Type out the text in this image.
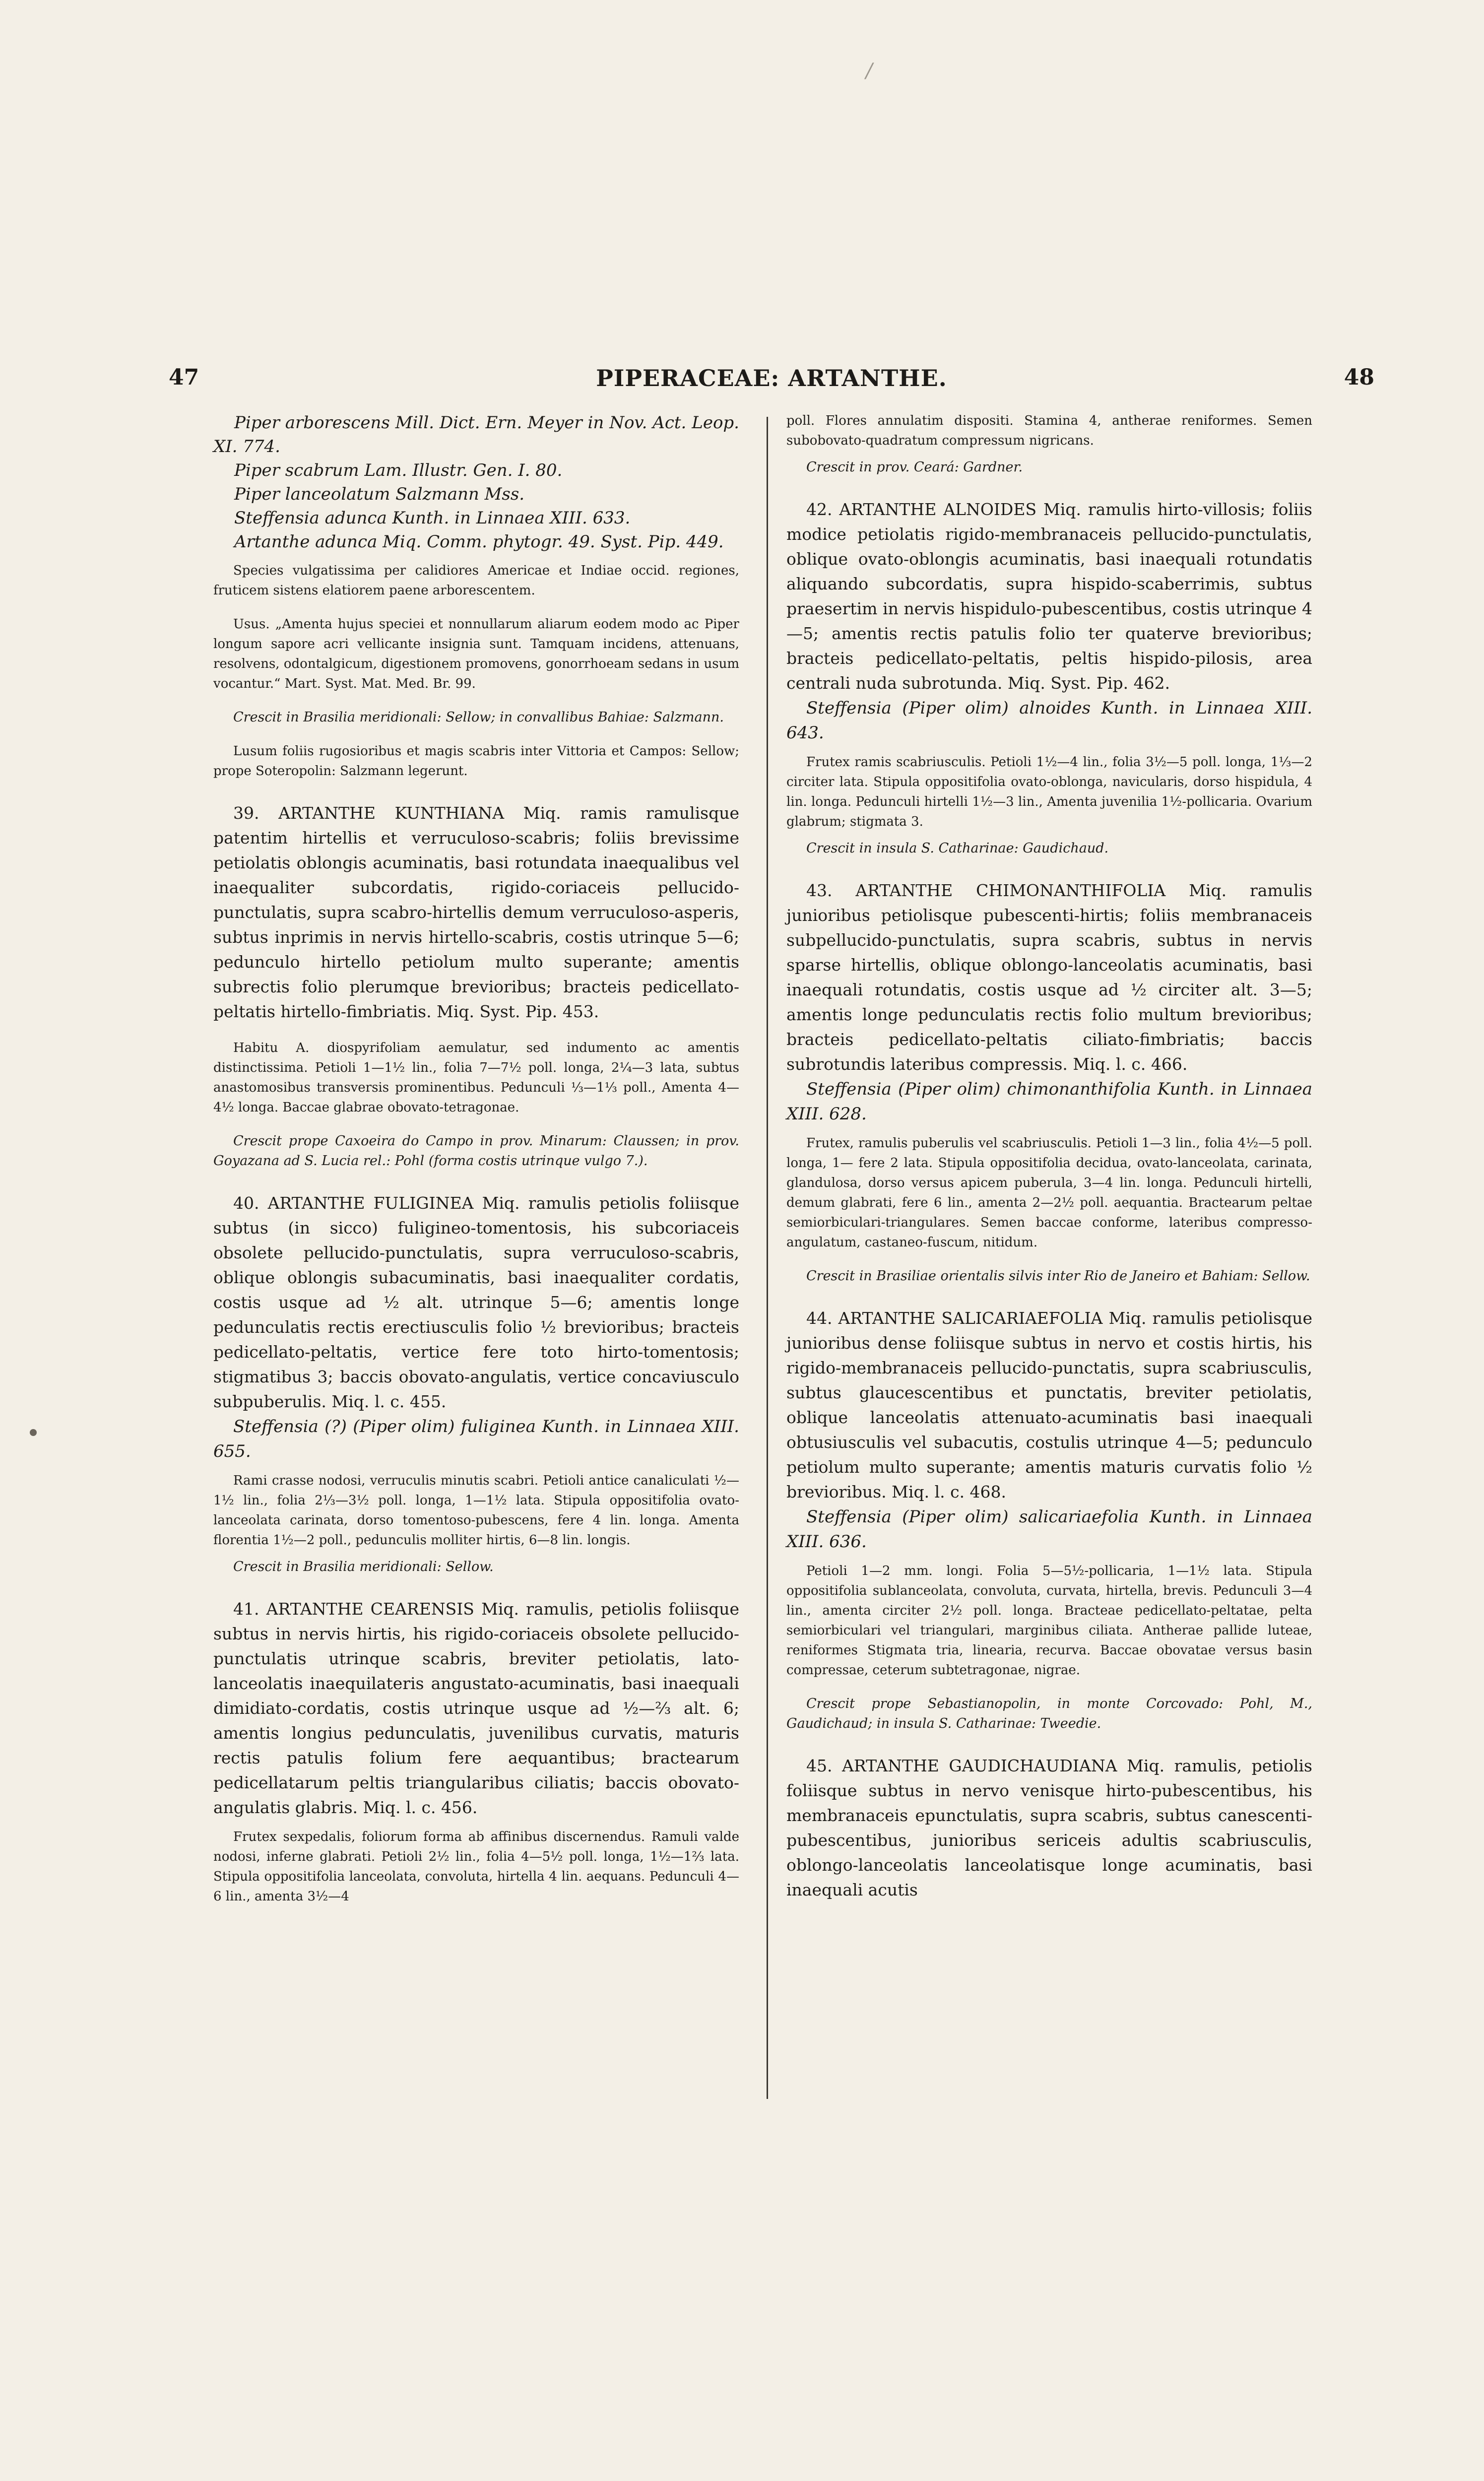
/
47	PIPERACEAE: ARTANTHE.	48

Piper arborescens Mill. Dict. Ern. Meyer in Nov. Act. Leop. XI. 774.

Piper scabrum Lam. Illustr. Gen. I. 80.

Piper lanceolatum Salzmann Mss.

Steffensia adunca Kunth. in Linnaea XIII. 633.

Artanthe adunca Miq. Comm. phytogr. 49. Syst. Pip. 449.

Species vulgatissima per calidiores Americae et Indiae occid. regiones, fruticem sistens elatiorem paene arborescentem.

Usus. „Amenta hujus speciei et nonnullarum aliarum eodem modo ac Piper longum sapore acri vellicante insignia sunt. Tamquam incidens, attenuans, resolvens, odontalgicum, digestionem promovens, gonorrhoeam sedans in usum vocantur.“ Mart. Syst. Mat. Med. Br. 99.

Crescit in Brasilia meridionali: Sellow; in convallibus Bahiae: Salzmann.

Lusum foliis rugosioribus et magis scabris inter Vittoria et Campos: Sellow; prope Soteropolin: Salzmann legerunt.

39. ARTANTHE KUNTHIANA Miq. ramis ramulisque patentim hirtellis et verruculoso-scabris; foliis brevissime petiolatis oblongis acuminatis, basi rotundata inaequalibus vel inaequaliter subcordatis, rigido-coriaceis pellucido-punctulatis, supra scabro-hirtellis demum verruculoso-asperis, subtus inprimis in nervis hirtello-scabris, costis utrinque 5—6; pedunculo hirtello petiolum multo superante; amentis subrectis folio plerumque brevioribus; bracteis pedicellato-peltatis hirtello-fimbriatis. Miq. Syst. Pip. 453.

Habitu A. diospyrifoliam aemulatur, sed indumento ac amentis distinctissima. Petioli 1—1½ lin., folia 7—7½ poll. longa, 2¼—3 lata, subtus anastomosibus transversis prominentibus. Pedunculi ⅓—1⅓ poll., Amenta 4—4½ longa. Baccae glabrae obovato-tetragonae.

Crescit prope Caxoeira do Campo in prov. Minarum: Claussen; in prov. Goyazana ad S. Lucia rel.: Pohl (forma costis utrinque vulgo 7.).

40. ARTANTHE FULIGINEA Miq. ramulis petiolis foliisque subtus (in sicco) fuligineo-tomentosis, his subcoriaceis obsolete pellucido-punctulatis, supra verruculoso-scabris, oblique oblongis subacuminatis, basi inaequaliter cordatis, costis usque ad ½ alt. utrinque 5—6; amentis longe pedunculatis rectis erectiusculis folio ½ brevioribus; bracteis pedicellato-peltatis, vertice fere toto hirto-tomentosis; stigmatibus 3; baccis obovato-angulatis, vertice concaviusculo subpuberulis. Miq. l. c. 455.

Steffensia (?) (Piper olim) fuliginea Kunth. in Linnaea XIII. 655.

Rami crasse nodosi, verruculis minutis scabri. Petioli antice canaliculati ½—1½ lin., folia 2⅓—3½ poll. longa, 1—1½ lata. Stipula oppositifolia ovato-lanceolata carinata, dorso tomentoso-pubescens, fere 4 lin. longa. Amenta florentia 1½—2 poll., pedunculis molliter hirtis, 6—8 lin. longis.

Crescit in Brasilia meridionali: Sellow.

41. ARTANTHE CEARENSIS Miq. ramulis, petiolis foliisque subtus in nervis hirtis, his rigido-coriaceis obsolete pellucido-punctulatis utrinque scabris, breviter petiolatis, lato-lanceolatis inaequilateris angustato-acuminatis, basi inaequali dimidiato-cordatis, costis utrinque usque ad ½—⅔ alt. 6; amentis longius pedunculatis, juvenilibus curvatis, maturis rectis patulis folium fere aequantibus; bractearum pedicellatarum peltis triangularibus ciliatis; baccis obovato-angulatis glabris. Miq. l. c. 456.

Frutex sexpedalis, foliorum forma ab affinibus discernendus. Ramuli valde nodosi, inferne glabrati. Petioli 2½ lin., folia 4—5½ poll. longa, 1½—1⅔ lata. Stipula oppositifolia lanceolata, convoluta, hirtella 4 lin. aequans. Pedunculi 4—6 lin., amenta 3½—4

poll. Flores annulatim dispositi. Stamina 4, antherae reniformes. Semen subobovato-quadratum compressum nigricans.

Crescit in prov. Ceará: Gardner.

42. ARTANTHE ALNOIDES Miq. ramulis hirto-villosis; foliis modice petiolatis rigido-membranaceis pellucido-punctulatis, oblique ovato-oblongis acuminatis, basi inaequali rotundatis aliquando subcordatis, supra hispido-scaberrimis, subtus praesertim in nervis hispidulo-pubescentibus, costis utrinque 4—5; amentis rectis patulis folio ter quaterve brevioribus; bracteis pedicellato-peltatis, peltis hispido-pilosis, area centrali nuda subrotunda. Miq. Syst. Pip. 462.

Steffensia (Piper olim) alnoides Kunth. in Linnaea XIII. 643.

Frutex ramis scabriusculis. Petioli 1½—4 lin., folia 3½—5 poll. longa, 1⅓—2 circiter lata. Stipula oppositifolia ovato-oblonga, navicularis, dorso hispidula, 4 lin. longa. Pedunculi hirtelli 1½—3 lin., Amenta juvenilia 1½-pollicaria. Ovarium glabrum; stigmata 3.

Crescit in insula S. Catharinae: Gaudichaud.

43. ARTANTHE CHIMONANTHIFOLIA Miq. ramulis junioribus petiolisque pubescenti-hirtis; foliis membranaceis subpellucido-punctulatis, supra scabris, subtus in nervis sparse hirtellis, oblique oblongo-lanceolatis acuminatis, basi inaequali rotundatis, costis usque ad ½ circiter alt. 3—5; amentis longe pedunculatis rectis folio multum brevioribus; bracteis pedicellato-peltatis ciliato-fimbriatis; baccis subrotundis lateribus compressis. Miq. l. c. 466.

Steffensia (Piper olim) chimonanthifolia Kunth. in Linnaea XIII. 628.

Frutex, ramulis puberulis vel scabriusculis. Petioli 1—3 lin., folia 4½—5 poll. longa, 1— fere 2 lata. Stipula oppositifolia decidua, ovato-lanceolata, carinata, glandulosa, dorso versus apicem puberula, 3—4 lin. longa. Pedunculi hirtelli, demum glabrati, fere 6 lin., amenta 2—2½ poll. aequantia. Bractearum peltae semiorbiculari-triangulares. Semen baccae conforme, lateribus compresso-angulatum, castaneo-fuscum, nitidum.

Crescit in Brasiliae orientalis silvis inter Rio de Janeiro et Bahiam: Sellow.

44. ARTANTHE SALICARIAEFOLIA Miq. ramulis petiolisque junioribus dense foliisque subtus in nervo et costis hirtis, his rigido-membranaceis pellucido-punctatis, supra scabriusculis, subtus glaucescentibus et punctatis, breviter petiolatis, oblique lanceolatis attenuato-acuminatis basi inaequali obtusiusculis vel subacutis, costulis utrinque 4—5; pedunculo petiolum multo superante; amentis maturis curvatis folio ½ brevioribus. Miq. l. c. 468.

Steffensia (Piper olim) salicariaefolia Kunth. in Linnaea XIII. 636.

Petioli 1—2 mm. longi. Folia 5—5½-pollicaria, 1—1½ lata. Stipula oppositifolia sublanceolata, convoluta, curvata, hirtella, brevis. Pedunculi 3—4 lin., amenta circiter 2½ poll. longa. Bracteae pedicellato-peltatae, pelta semiorbiculari vel triangulari, marginibus ciliata. Antherae pallide luteae, reniformes Stigmata tria, linearia, recurva. Baccae obovatae versus basin compressae, ceterum subtetragonae, nigrae.

Crescit prope Sebastianopolin, in monte Corcovado: Pohl, M., Gaudichaud; in insula S. Catharinae: Tweedie.

45. ARTANTHE GAUDICHAUDIANA Miq. ramulis, petiolis foliisque subtus in nervo venisque hirto-pubescentibus, his membranaceis epunctulatis, supra scabris, subtus canescenti-pubescentibus, junioribus sericeis adultis scabriusculis, oblongo-lanceolatis lanceolatisque longe acuminatis, basi inaequali acutis
